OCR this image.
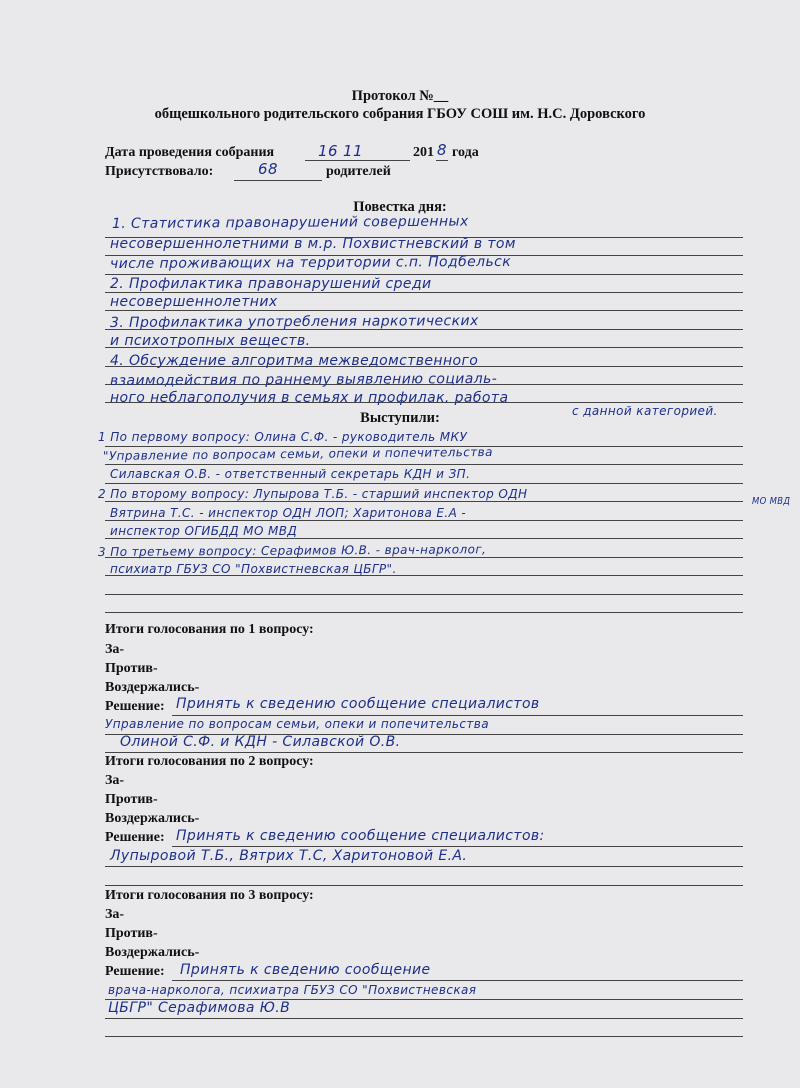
Протокол №__
общешкольного родительского собрания ГБОУ СОШ им. Н.С. Доровского
Дата проведения собрания	16 11	201 8 года
Присутствовало:	68	родителей
Повестка дня:
1. Статистика правонарушений совершенных
несовершеннолетними в м.р. Похвистневский в том
числе проживающих на территории с.п. Подбельск
2. Профилактика правонарушений среди
несовершеннолетних
3. Профилактика употребления наркотических
и психотропных веществ.
4. Обсуждение алгоритма межведомственного
взаимодействия по раннему выявлению социаль-
ного неблагополучия в семьях и профилак. работа
с данной категорией.
Выступили:
1 По первому вопросу: Олина С.Ф. - руководитель МКУ
"Управление по вопросам семьи, опеки и попечительства
Силавская О.В. - ответственный секретарь КДН и ЗП.
2 По второму вопросу: Лупырова Т.Б. - старший инспектор ОДН
Вятрина Т.С. - инспектор ОДН ЛОП; Харитонова Е.А -
инспектор ОГИБДД МО МВД
3 По третьему вопросу: Серафимов Ю.В. - врач-нарколог,
психиатр ГБУЗ СО "Похвистневская ЦБГР".
МО МВД
Итоги голосования по 1 вопросу:
За-
Против-
Воздержались-
Решение: Принять к сведению сообщение специалистов
Управление по вопросам семьи, опеки и попечительства
Олиной С.Ф. и КДН - Силавской О.В.
Итоги голосования по 2 вопросу:
За-
Против-
Воздержались-
Решение: Принять к сведению сообщение специалистов:
Лупыровой Т.Б., Вятрих Т.С, Харитоновой Е.А.
Итоги голосования по 3 вопросу:
За-
Против-
Воздержались-
Решение: Принять к сведению сообщение
врача-нарколога, психиатра ГБУЗ СО "Похвистневская
ЦБГР" Серафимова Ю.В
